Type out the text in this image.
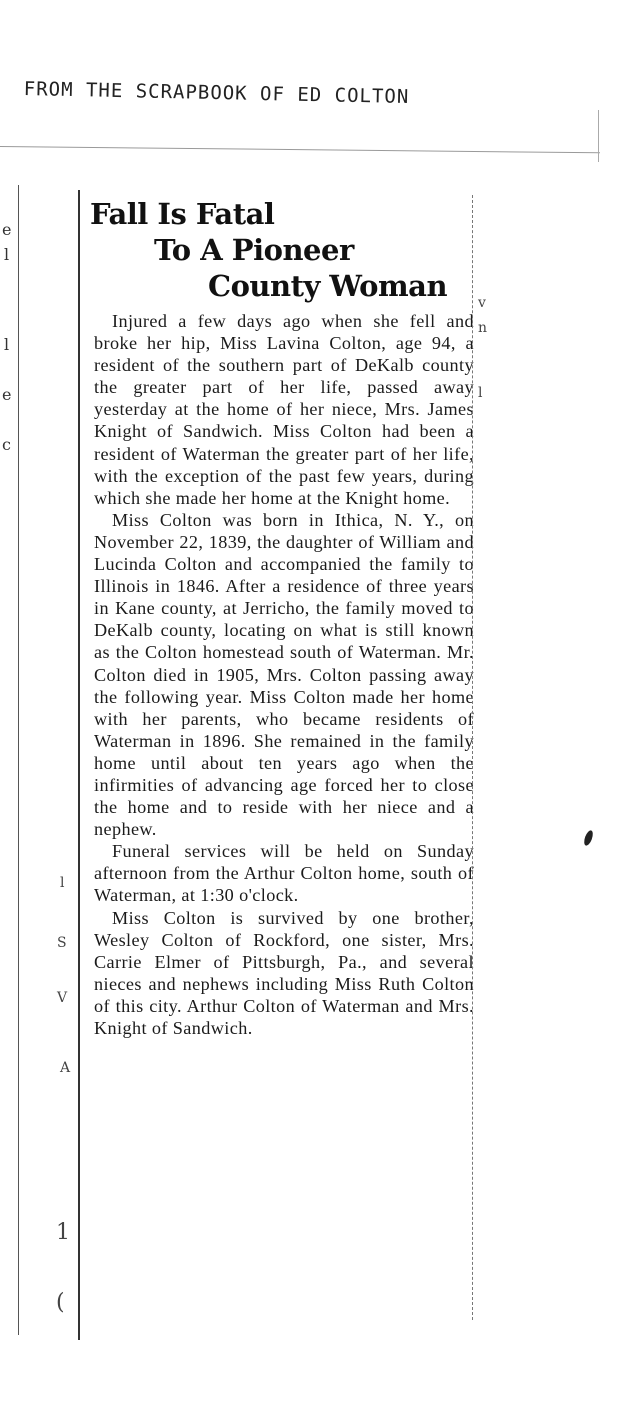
FROM THE SCRAPBOOK OF ED COLTON
e
l
l
e
c
l
S
V
A
1
(
v
n
l
Fall Is Fatal
To A Pioneer
County Woman

Injured a few days ago when she fell and broke her hip, Miss Lavina Colton, age 94, a resident of the southern part of DeKalb county the greater part of her life, passed away yesterday at the home of her niece, Mrs. James Knight of Sandwich. Miss Colton had been a resident of Waterman the greater part of her life, with the exception of the past few years, during which she made her home at the Knight home.

Miss Colton was born in Ithica, N. Y., on November 22, 1839, the daughter of William and Lucinda Colton and accompanied the family to Illinois in 1846. After a residence of three years in Kane county, at Jerricho, the family moved to DeKalb county, locating on what is still known as the Colton homestead south of Waterman. Mr. Colton died in 1905, Mrs. Colton passing away the following year. Miss Colton made her home with her parents, who became residents of Waterman in 1896. She remained in the family home until about ten years ago when the infirmities of advancing age forced her to close the home and to reside with her niece and a nephew.

Funeral services will be held on Sunday afternoon from the Arthur Colton home, south of Waterman, at 1:30 o'clock.

Miss Colton is survived by one brother, Wesley Colton of Rockford, one sister, Mrs. Carrie Elmer of Pittsburgh, Pa., and several nieces and nephews including Miss Ruth Colton of this city. Arthur Colton of Waterman and Mrs. Knight of Sandwich.
